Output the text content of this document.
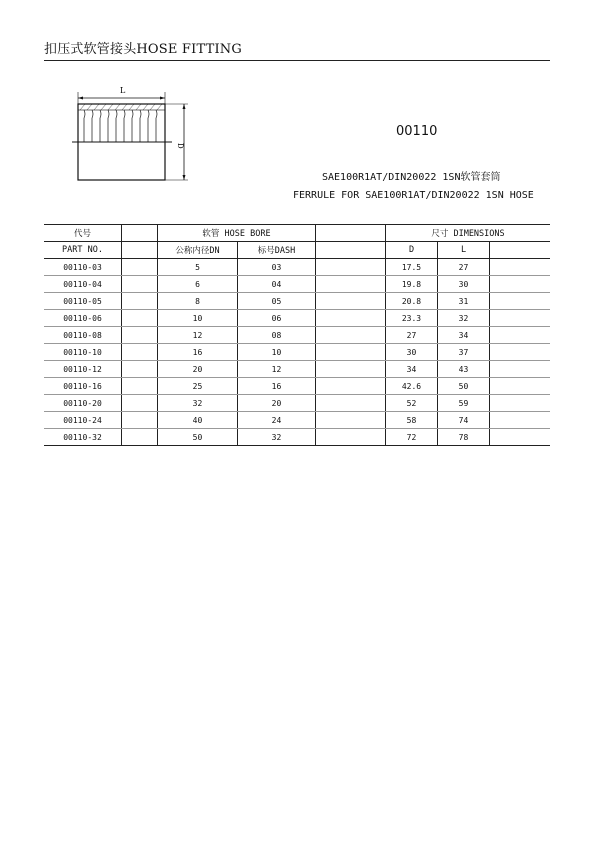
扣压式软管接头HOSE FITTING
L
D
00110
SAE100R1AT/DIN20022 1SN软管套筒
FERRULE FOR SAE100R1AT/DIN20022 1SN HOSE
代号	软管 HOSE BORE	尺寸 DIMENSIONS
PART NO.	公称内径DN	标号DASH	D	L
00110-03	5	03	17.5	27
00110-04	6	04	19.8	30
00110-05	8	05	20.8	31
00110-06	10	06	23.3	32
00110-08	12	08	27	34
00110-10	16	10	30	37
00110-12	20	12	34	43
00110-16	25	16	42.6	50
00110-20	32	20	52	59
00110-24	40	24	58	74
00110-32	50	32	72	78
